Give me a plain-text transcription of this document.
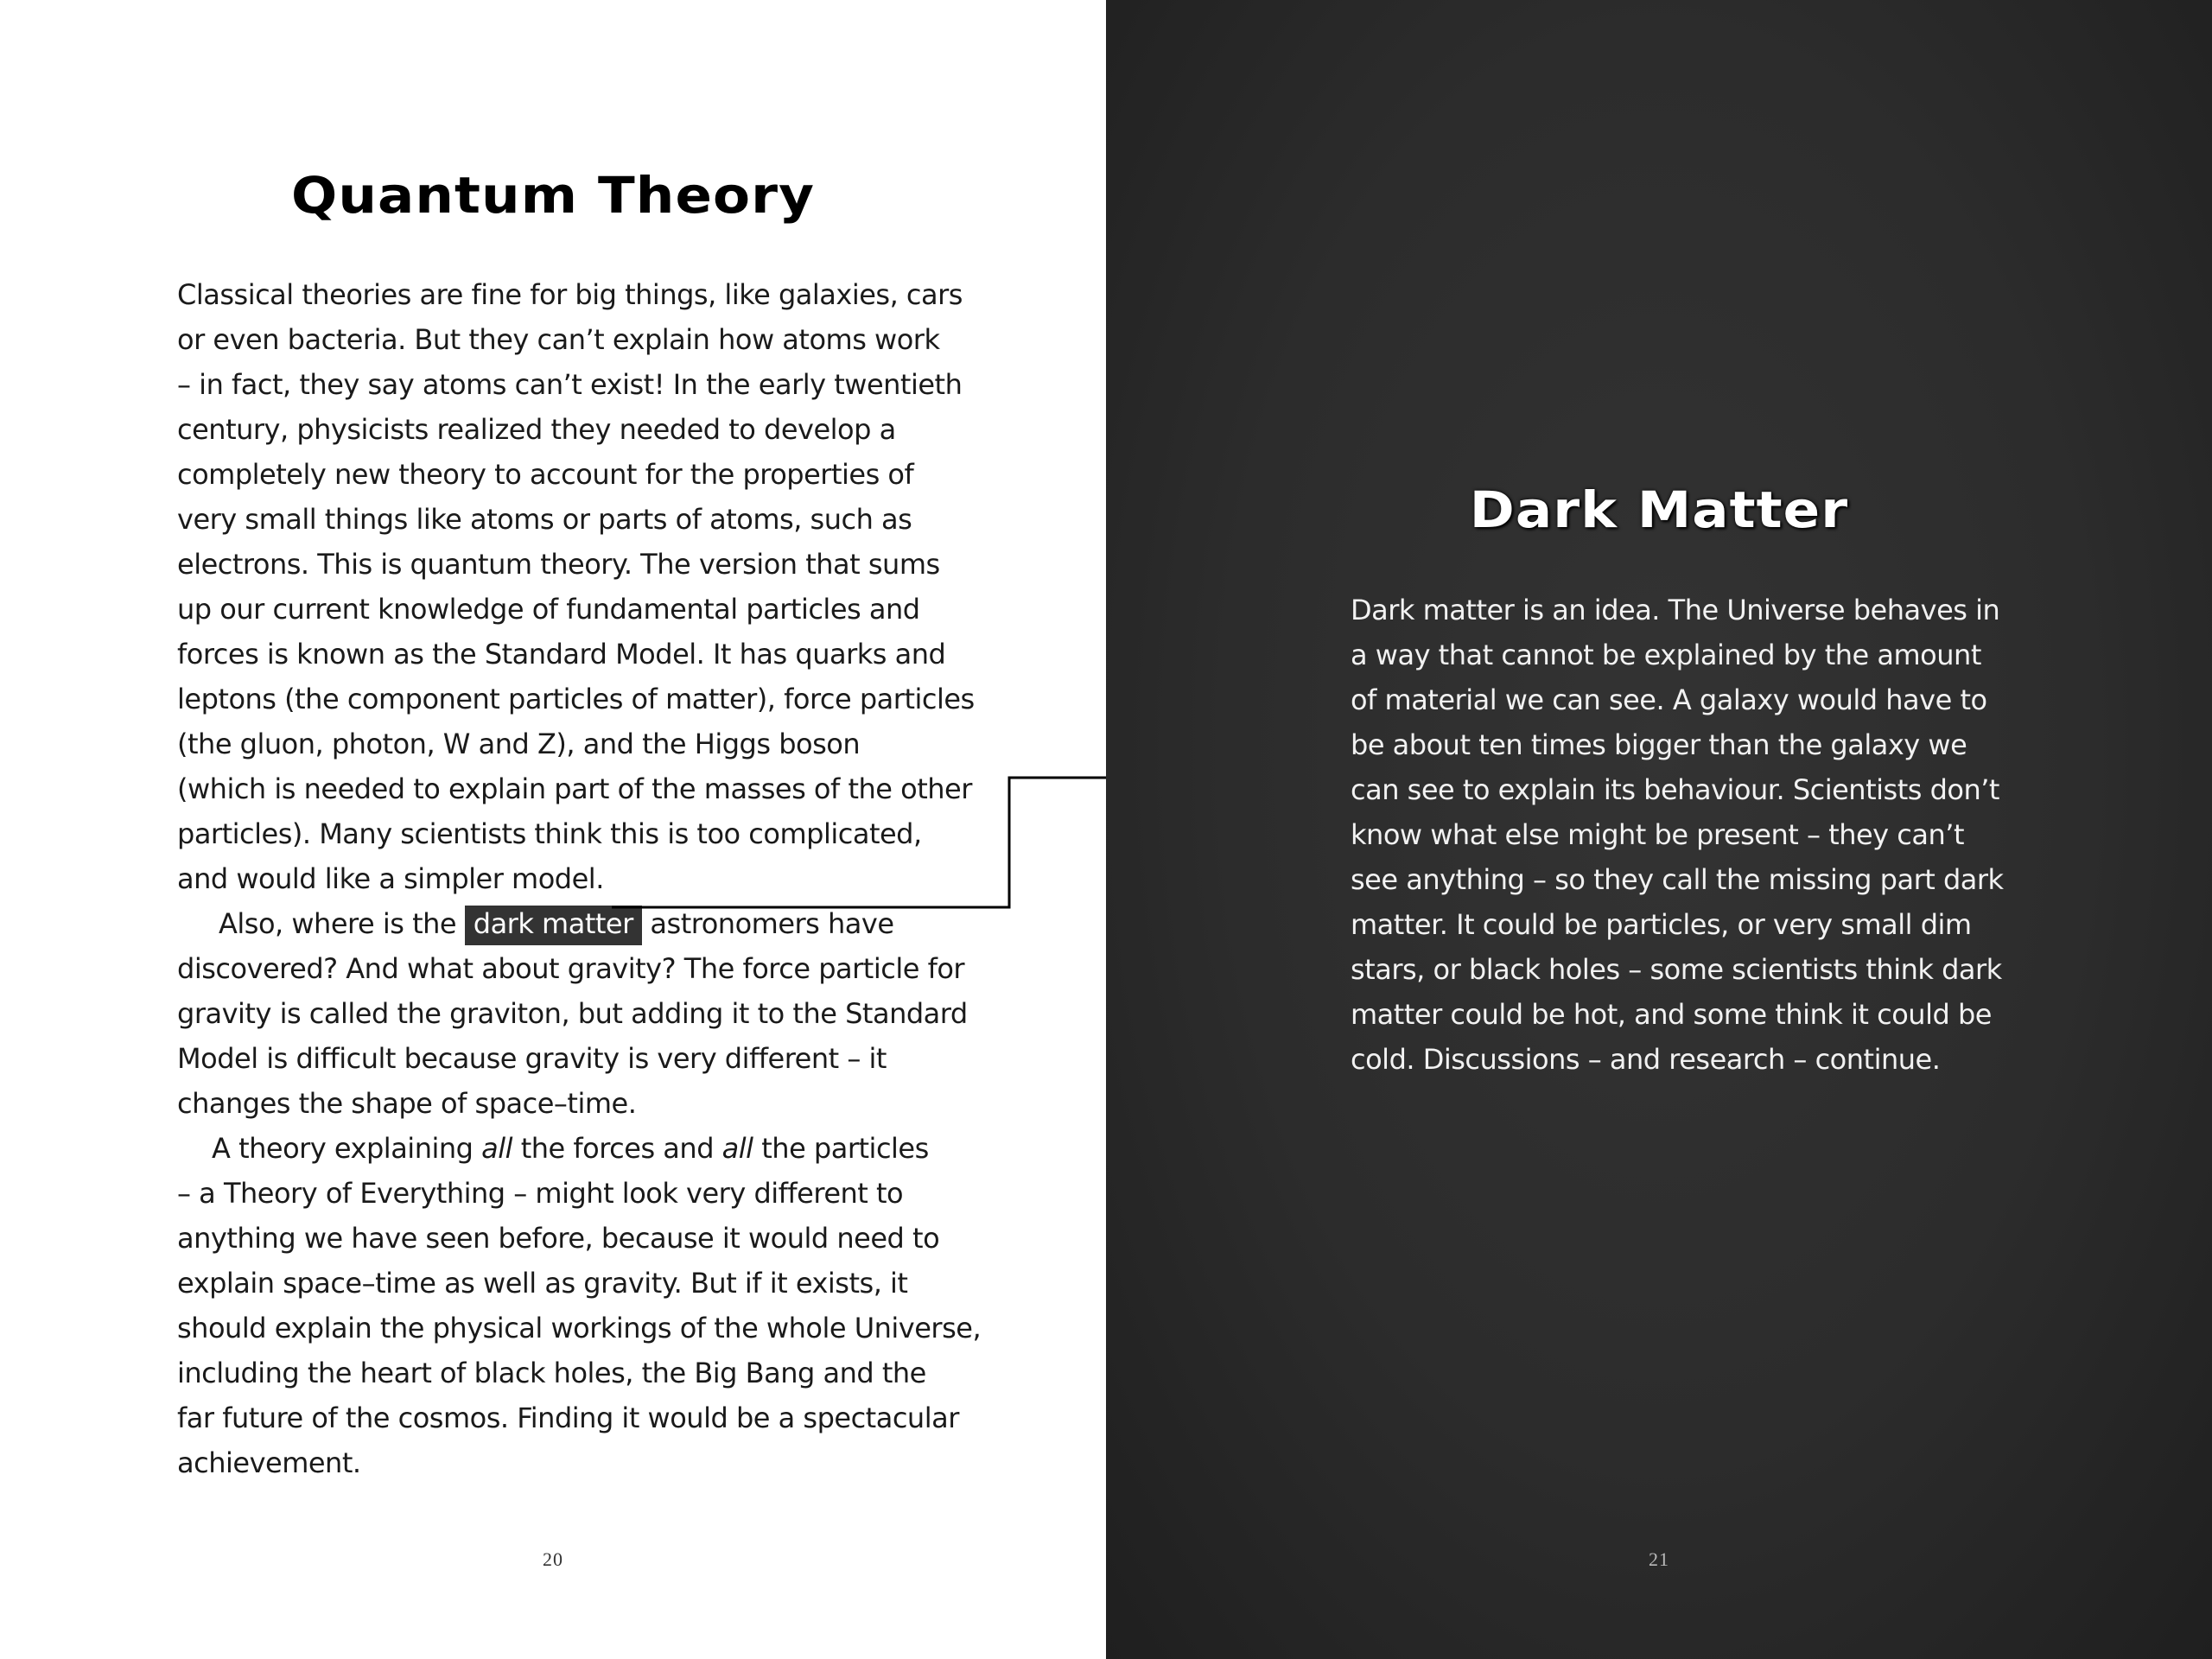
Quantum Theory
Classical theories are fine for big things, like galaxies, cars
or even bacteria. But they can’t explain how atoms work
– in fact, they say atoms can’t exist! In the early twentieth
century, physicists realized they needed to develop a
completely new theory to account for the properties of
very small things like atoms or parts of atoms, such as
electrons. This is quantum theory. The version that sums
up our current knowledge of fundamental particles and
forces is known as the Standard Model. It has quarks and
leptons (the component particles of matter), force particles
(the gluon, photon, W and Z), and the Higgs boson
(which is needed to explain part of the masses of the other
particles). Many scientists think this is too complicated,
and would like a simpler model.
Also, where is the dark matter astronomers have
discovered? And what about gravity? The force particle for
gravity is called the graviton, but adding it to the Standard
Model is difficult because gravity is very different – it
changes the shape of space–time.
A theory explaining all the forces and all the particles
– a Theory of Everything – might look very different to
anything we have seen before, because it would need to
explain space–time as well as gravity. But if it exists, it
should explain the physical workings of the whole Universe,
including the heart of black holes, the Big Bang and the
far future of the cosmos. Finding it would be a spectacular
achievement.
20
Dark Matter
Dark matter is an idea. The Universe behaves in
a way that cannot be explained by the amount
of material we can see. A galaxy would have to
be about ten times bigger than the galaxy we
can see to explain its behaviour. Scientists don’t
know what else might be present – they can’t
see anything – so they call the missing part dark
matter. It could be particles, or very small dim
stars, or black holes – some scientists think dark
matter could be hot, and some think it could be
cold. Discussions – and research – continue.
21
